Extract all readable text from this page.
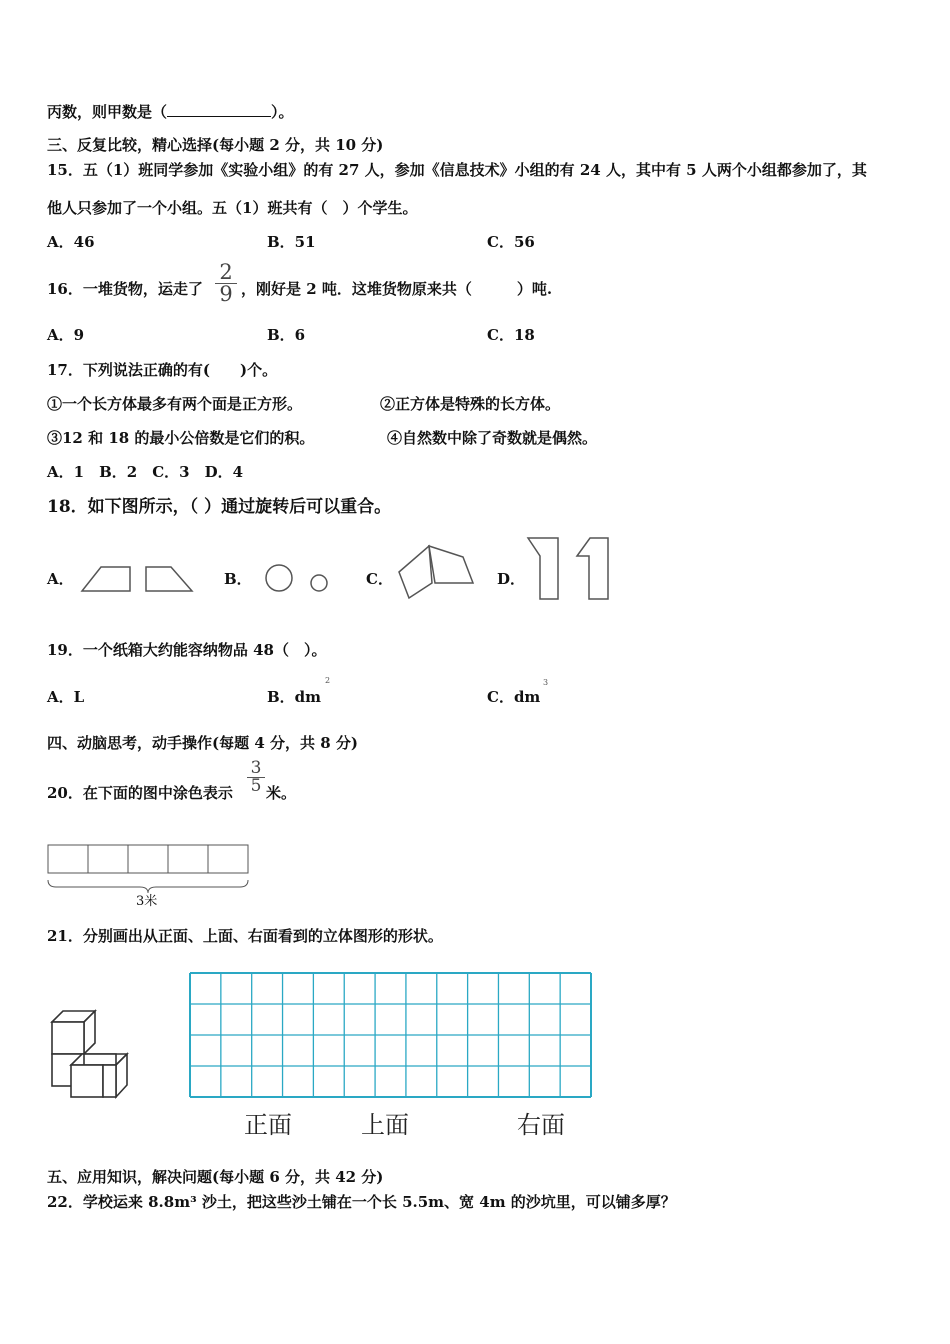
丙数，则甲数是（	）。
三、反复比较，精心选择(每小题 2 分，共 10 分)
15．五（1）班同学参加《实验小组》的有 27 人，参加《信息技术》小组的有 24 人，其中有 5 人两个小组都参加了，其
他人只参加了一个小组。五（1）班共有（　）个学生。
A．46	B．51	C．56
16．一堆货物，运走了
2
9 ，刚好是 2 吨．这堆货物原来共（　　　）吨.
A．9	B．6	C．18
17．下列说法正确的有(　　)个。
①一个长方体最多有两个面是正方形。	②正方体是特殊的长方体。
③12 和 18 的最小公倍数是它们的积。	④自然数中除了奇数就是偶然。
A．1　B．2　C．3　D．4
18．如下图所示，（ ）通过旋转后可以重合。
A．	B．	C．	D．
19．一个纸箱大约能容纳物品 48（　）。
A．L	B．dm
2
C．dm
3
四、动脑思考，动手操作(每题 4 分，共 8 分)
20．在下面的图中涂色表示
3
5 米。
3米
21．分别画出从正面、上面、右面看到的立体图形的形状。
正面	上面	右面
五、应用知识，解决问题(每小题 6 分，共 42 分)
22．学校运来 8.8m³ 沙土，把这些沙土铺在一个长 5.5m、宽 4m 的沙坑里，可以铺多厚？
